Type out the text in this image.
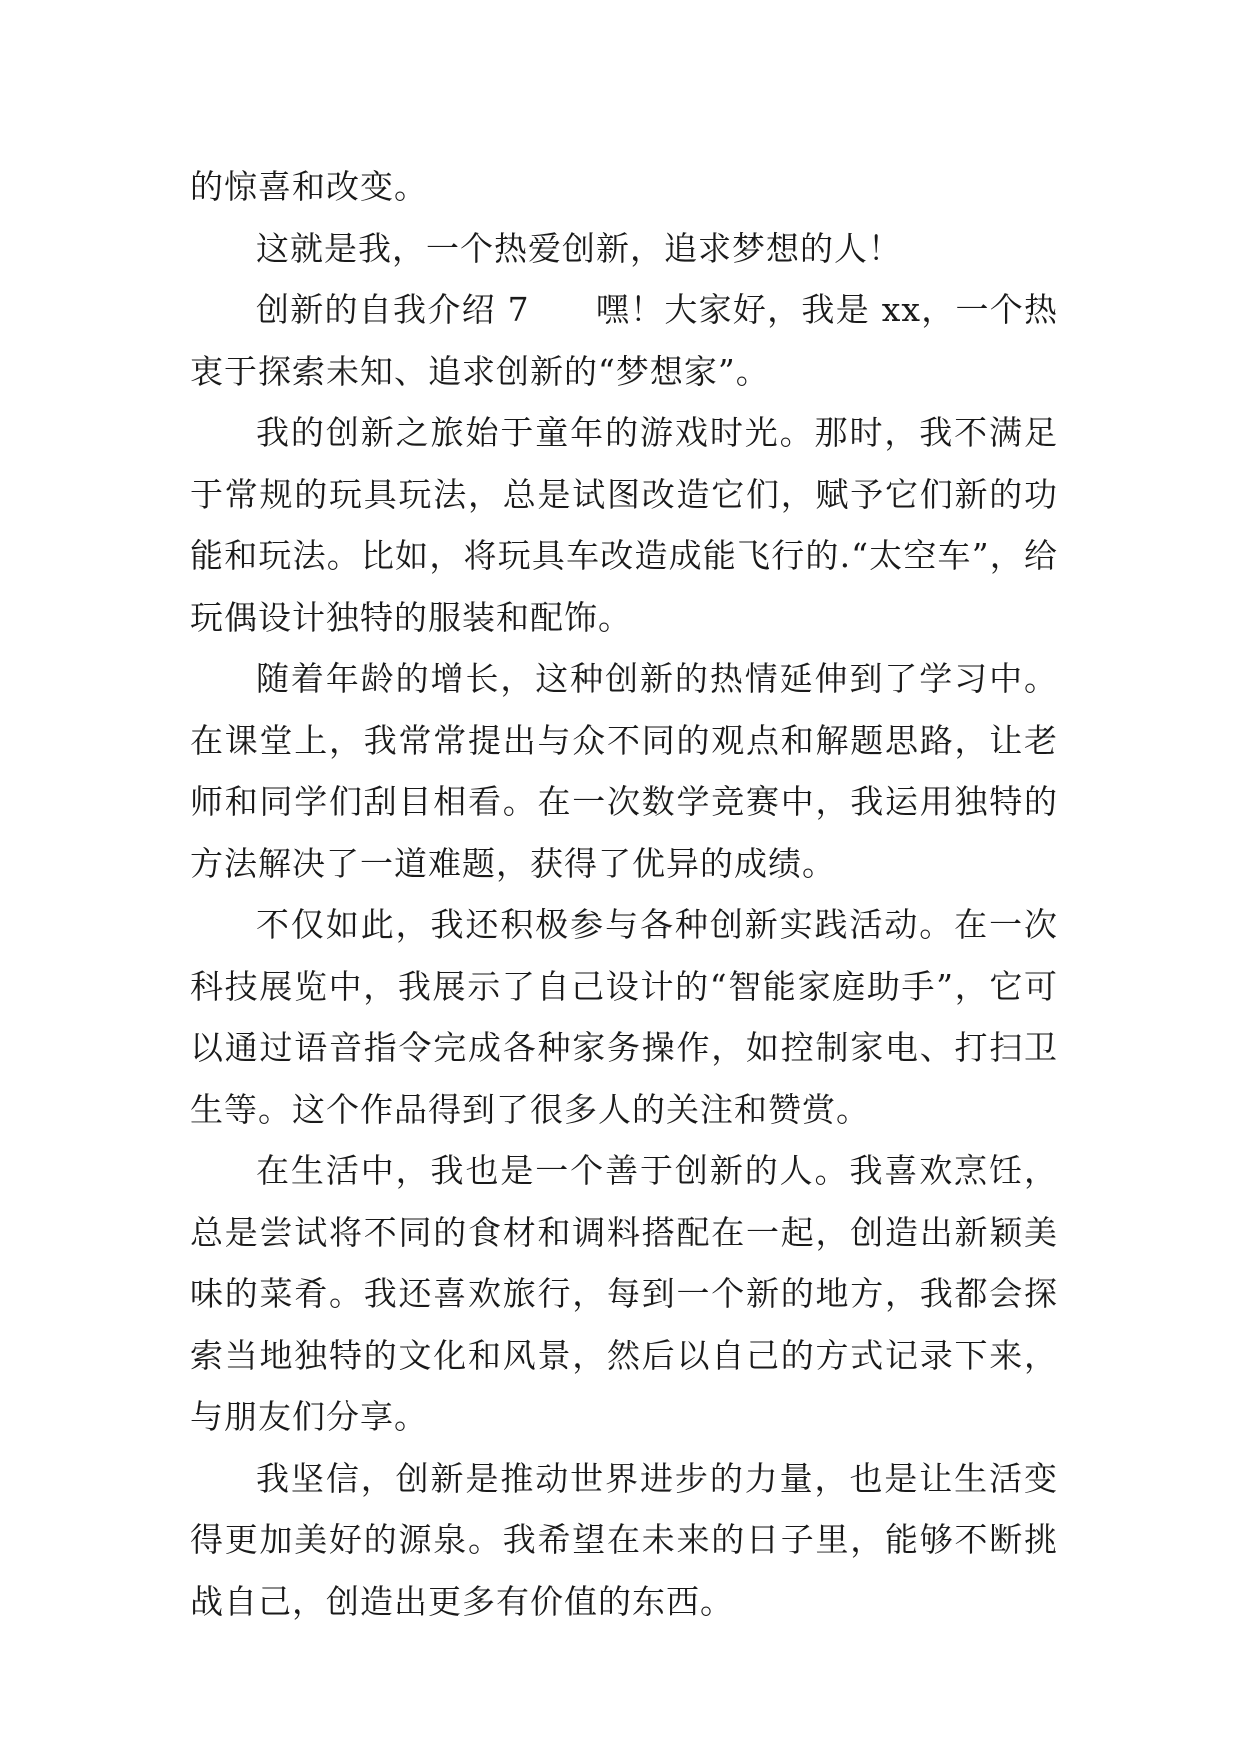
的惊喜和改变。

这就是我，一个热爱创新，追求梦想的人！

创新的自我介绍 7 嘿！大家好，我是 xx，一个热衷于探索未知、追求创新的“梦想家”。

我的创新之旅始于童年的游戏时光。那时，我不满足于常规的玩具玩法，总是试图改造它们，赋予它们新的功能和玩法。比如，将玩具车改造成能飞行的.“太空车”，给玩偶设计独特的服装和配饰。

随着年龄的增长，这种创新的热情延伸到了学习中。在课堂上，我常常提出与众不同的观点和解题思路，让老师和同学们刮目相看。在一次数学竞赛中，我运用独特的方法解决了一道难题，获得了优异的成绩。

不仅如此，我还积极参与各种创新实践活动。在一次科技展览中，我展示了自己设计的“智能家庭助手”，它可以通过语音指令完成各种家务操作，如控制家电、打扫卫生等。这个作品得到了很多人的关注和赞赏。

在生活中，我也是一个善于创新的人。我喜欢烹饪，总是尝试将不同的食材和调料搭配在一起，创造出新颖美味的菜肴。我还喜欢旅行，每到一个新的地方，我都会探索当地独特的文化和风景，然后以自己的方式记录下来，与朋友们分享。

我坚信，创新是推动世界进步的力量，也是让生活变得更加美好的源泉。我希望在未来的日子里，能够不断挑战自己，创造出更多有价值的东西。
